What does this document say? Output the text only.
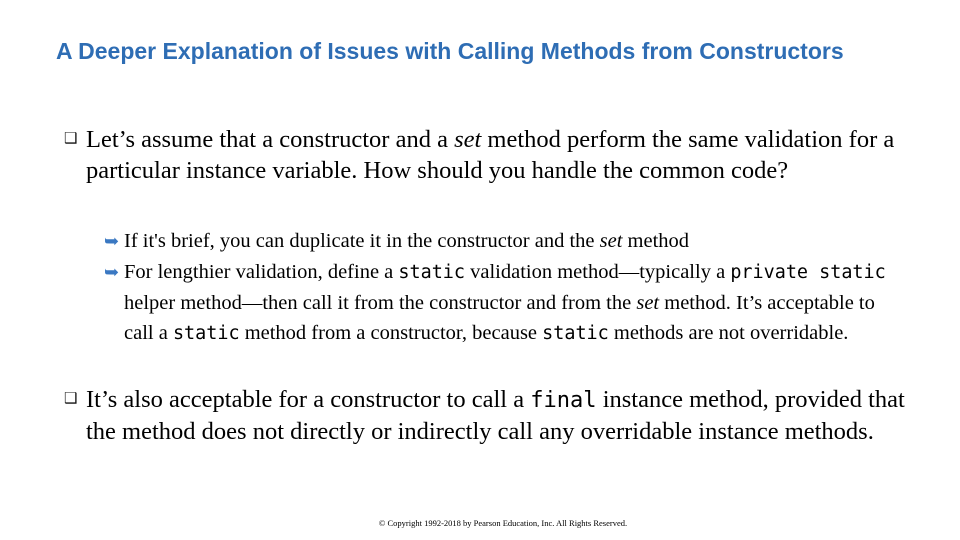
A Deeper Explanation of Issues with Calling Methods from Constructors
❑ Let’s assume that a constructor and a set method perform the same validation for a particular instance variable. How should you handle the common code?
➥ If it's brief, you can duplicate it in the constructor and the set method
➥ For lengthier validation, define a static validation method—typically a private static helper method—then call it from the constructor and from the set method. It’s acceptable to call a static method from a constructor, because static methods are not overridable.
❑ It’s also acceptable for a constructor to call a final instance method, provided that the method does not directly or indirectly call any overridable instance methods.
© Copyright 1992-2018 by Pearson Education, Inc. All Rights Reserved.
